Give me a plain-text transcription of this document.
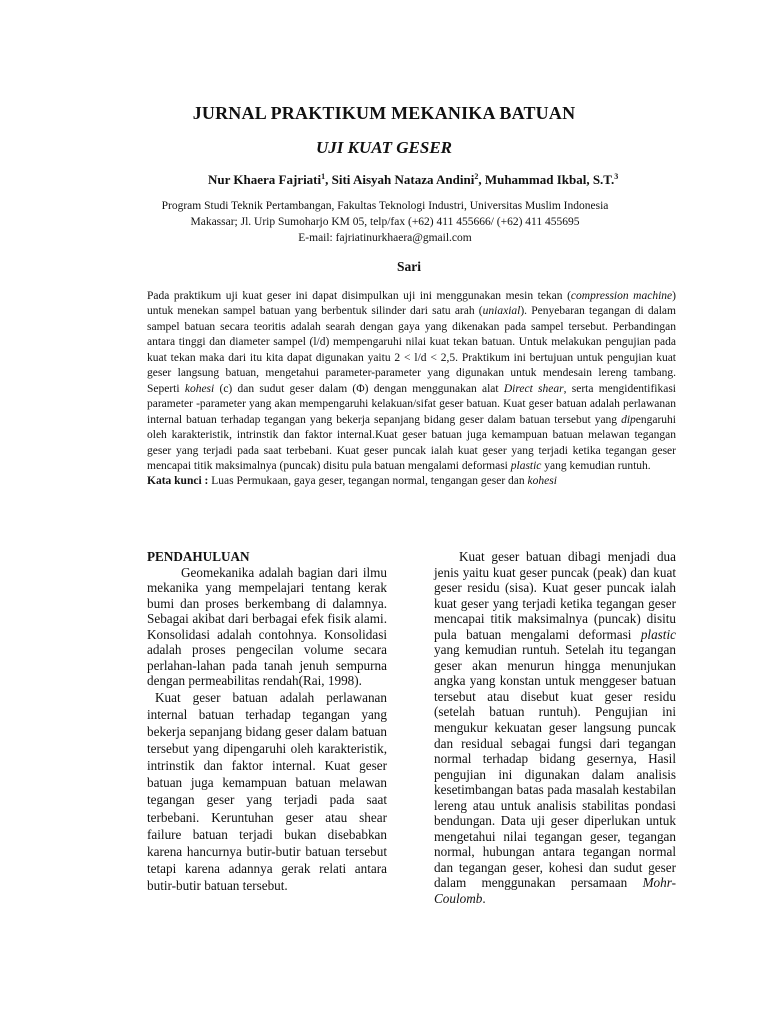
JURNAL PRAKTIKUM MEKANIKA BATUAN
UJI KUAT GESER
Nur Khaera Fajriati$^1$, Siti Aisyah Nataza Andini$^2$, Muhammad Ikbal, S.T.$^3$
Program Studi Teknik Pertambangan, Fakultas Teknologi Industri, Universitas Muslim Indonesia
Makassar; Jl. Urip Sumoharjo KM 05, telp/fax (+62) 411 455666/ (+62) 411 455695
E-mail: fajriatinurkhaera@gmail.com
Sari

Pada praktikum uji kuat geser ini dapat disimpulkan uji ini menggunakan mesin tekan (compression machine) untuk menekan sampel batuan yang berbentuk silinder dari satu arah (uniaxial). Penyebaran tegangan di dalam sampel batuan secara teoritis adalah searah dengan gaya yang dikenakan pada sampel tersebut. Perbandingan antara tinggi dan diameter sampel (l/d) mempengaruhi nilai kuat tekan batuan. Untuk melakukan pengujian pada kuat tekan maka dari itu kita dapat digunakan yaitu 2 < l/d < 2,5. Praktikum ini bertujuan untuk pengujian kuat geser langsung batuan, mengetahui parameter-parameter yang digunakan untuk mendesain lereng tambang. Seperti kohesi (c) dan sudut geser dalam (Φ) dengan menggunakan alat Direct shear, serta mengidentifikasi parameter -parameter yang akan mempengaruhi kelakuan/sifat geser batuan. Kuat geser batuan adalah perlawanan internal batuan terhadap tegangan yang bekerja sepanjang bidang geser dalam batuan tersebut yang dipengaruhi oleh karakteristik, intrinstik dan faktor internal.Kuat geser batuan juga kemampuan batuan melawan tegangan geser yang terjadi pada saat terbebani. Kuat geser puncak ialah kuat geser yang terjadi ketika tegangan geser mencapai titik maksimalnya (puncak) disitu pula batuan mengalami deformasi plastic yang kemudian runtuh.

Kata kunci : Luas Permukaan, gaya geser, tegangan normal, tengangan geser dan kohesi

PENDAHULUAN

Geomekanika adalah bagian dari ilmu mekanika yang mempelajari tentang kerak bumi dan proses berkembang di dalamnya. Sebagai akibat dari berbagai efek fisik alami. Konsolidasi adalah contohnya. Konsolidasi adalah proses pengecilan volume secara perlahan-lahan pada tanah jenuh sempurna dengan permeabilitas rendah(Rai, 1998).

Kuat geser batuan adalah perlawanan internal batuan terhadap tegangan yang bekerja sepanjang bidang geser dalam batuan tersebut yang dipengaruhi oleh karakteristik, intrinstik dan faktor internal. Kuat geser batuan juga kemampuan batuan melawan tegangan geser yang terjadi pada saat terbebani. Keruntuhan geser atau shear failure batuan terjadi bukan disebabkan karena hancurnya butir-butir batuan tersebut tetapi karena adannya gerak relati antara butir-butir batuan tersebut.

Kuat geser batuan dibagi menjadi dua jenis yaitu kuat geser puncak (peak) dan kuat geser residu (sisa). Kuat geser puncak ialah kuat geser yang terjadi ketika tegangan geser mencapai titik maksimalnya (puncak) disitu pula batuan mengalami deformasi plastic yang kemudian runtuh. Setelah itu tegangan geser akan menurun hingga menunjukan angka yang konstan untuk menggeser batuan tersebut atau disebut kuat geser residu (setelah batuan runtuh). Pengujian ini mengukur kekuatan geser langsung puncak dan residual sebagai fungsi dari tegangan normal terhadap bidang gesernya, Hasil pengujian ini digunakan dalam analisis kesetimbangan batas pada masalah kestabilan lereng atau untuk analisis stabilitas pondasi bendungan. Data uji geser diperlukan untuk mengetahui nilai tegangan geser, tegangan normal, hubungan antara tegangan normal dan tegangan geser, kohesi dan sudut geser dalam menggunakan persamaan Mohr-Coulomb.
